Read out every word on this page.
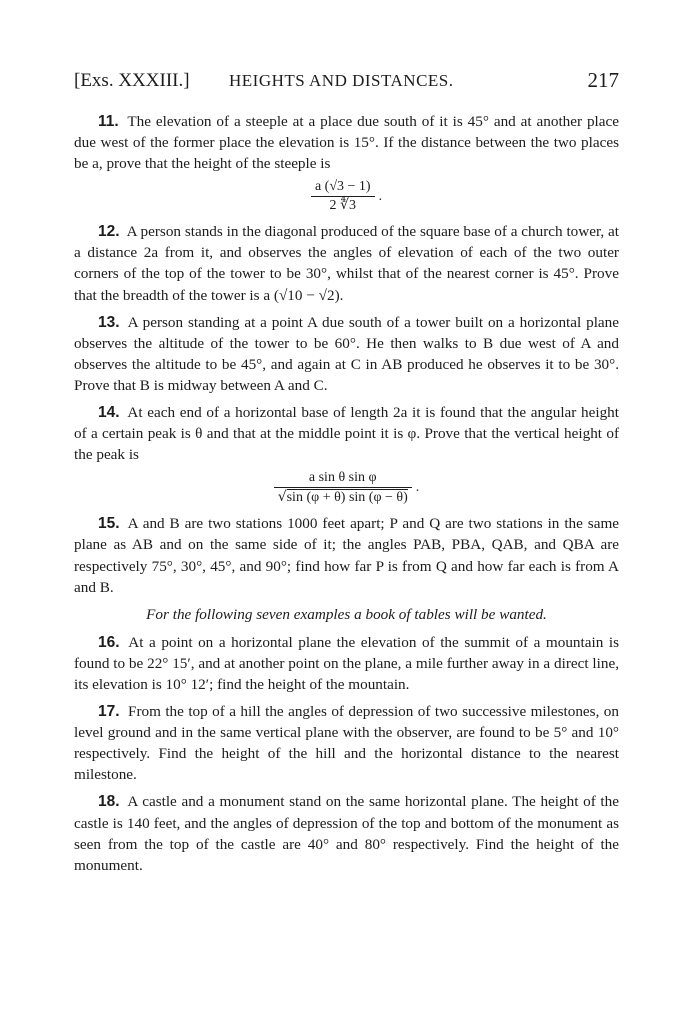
[Exs. XXXIII.] HEIGHTS AND DISTANCES.	217

11. The elevation of a steeple at a place due south of it is 45° and at another place due west of the former place the elevation is 15°. If the distance between the two places be a, prove that the height of the steeple is

$\frac{a (√3 - 1)}{2 ∜3}$ .

12. A person stands in the diagonal produced of the square base of a church tower, at a distance 2a from it, and observes the angles of elevation of each of the two outer corners of the top of the tower to be 30°, whilst that of the nearest corner is 45°. Prove that the breadth of the tower is a (√10 − √2).

13. A person standing at a point A due south of a tower built on a horizontal plane observes the altitude of the tower to be 60°. He then walks to B due west of A and observes the altitude to be 45°, and again at C in AB produced he observes it to be 30°. Prove that B is midway between A and C.

14. At each end of a horizontal base of length 2a it is found that the angular height of a certain peak is θ and that at the middle point it is φ. Prove that the vertical height of the peak is

$\frac{\text{a sin θ sin φ}}{√\sin (\varphi + \theta) \sin (\varphi - \theta)}$ .

15. A and B are two stations 1000 feet apart; P and Q are two stations in the same plane as AB and on the same side of it; the angles PAB, PBA, QAB, and QBA are respectively 75°, 30°, 45°, and 90°; find how far P is from Q and how far each is from A and B.

For the following seven examples a book of tables will be wanted.

16. At a point on a horizontal plane the elevation of the summit of a mountain is found to be 22° 15′, and at another point on the plane, a mile further away in a direct line, its elevation is 10° 12′; find the height of the mountain.

17. From the top of a hill the angles of depression of two successive milestones, on level ground and in the same vertical plane with the observer, are found to be 5° and 10° respectively. Find the height of the hill and the horizontal distance to the nearest milestone.

18. A castle and a monument stand on the same horizontal plane. The height of the castle is 140 feet, and the angles of depression of the top and bottom of the monument as seen from the top of the castle are 40° and 80° respectively. Find the height of the monument.
